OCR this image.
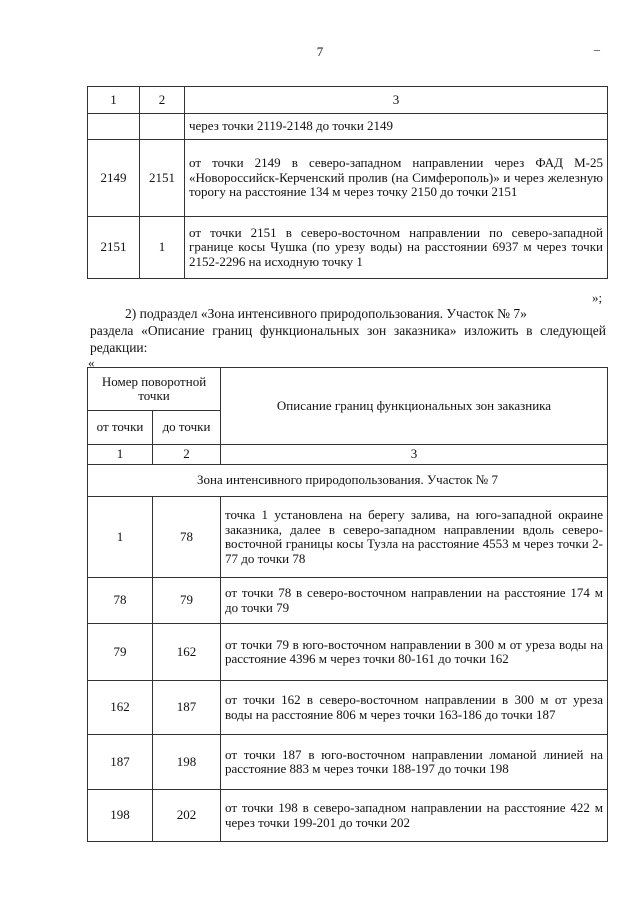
7	–
1	2	3
		через точки 2119-2148 до точки 2149
2149	2151	от точки 2149 в северо-западном направлении через ФАД М-25 «Новороссийск-Керченский пролив (на Симферополь)» и через железную торогу на расстояние 134 м через точку 2150 до точки 2151
2151	1	от точки 2151 в северо-восточном направлении по северо-западной границе косы Чушка (по урезу воды) на расстоянии 6937 м через точки 2152-2296 на исходную точку 1
»;
2) подраздел «Зона интенсивного природопользования. Участок № 7»
раздела «Описание границ функциональных зон заказника» изложить в следующей редакции:
«
Номер поворотной точки		Описание границ функциональных зон заказника
от точки	до точки	
1	2	3
Зона интенсивного природопользования. Участок № 7		
1	78	точка 1 установлена на берегу залива, на юго-западной окраине заказника, далее в северо-западном направлении вдоль северо-восточной границы косы Тузла на расстояние 4553 м через точки 2-77 до точки 78
78	79	от точки 78 в северо-восточном направлении на расстояние 174 м до точки 79
79	162	от точки 79 в юго-восточном направлении в 300 м от уреза воды на расстояние 4396 м через точки 80-161 до точки 162
162	187	от точки 162 в северо-восточном направлении в 300 м от уреза воды на расстояние 806 м через точки 163-186 до точки 187
187	198	от точки 187 в юго-восточном направлении ломаной линией на расстояние 883 м через точки 188-197 до точки 198
198	202	от точки 198 в северо-западном направлении на расстояние 422 м через точки 199-201 до точки 202
